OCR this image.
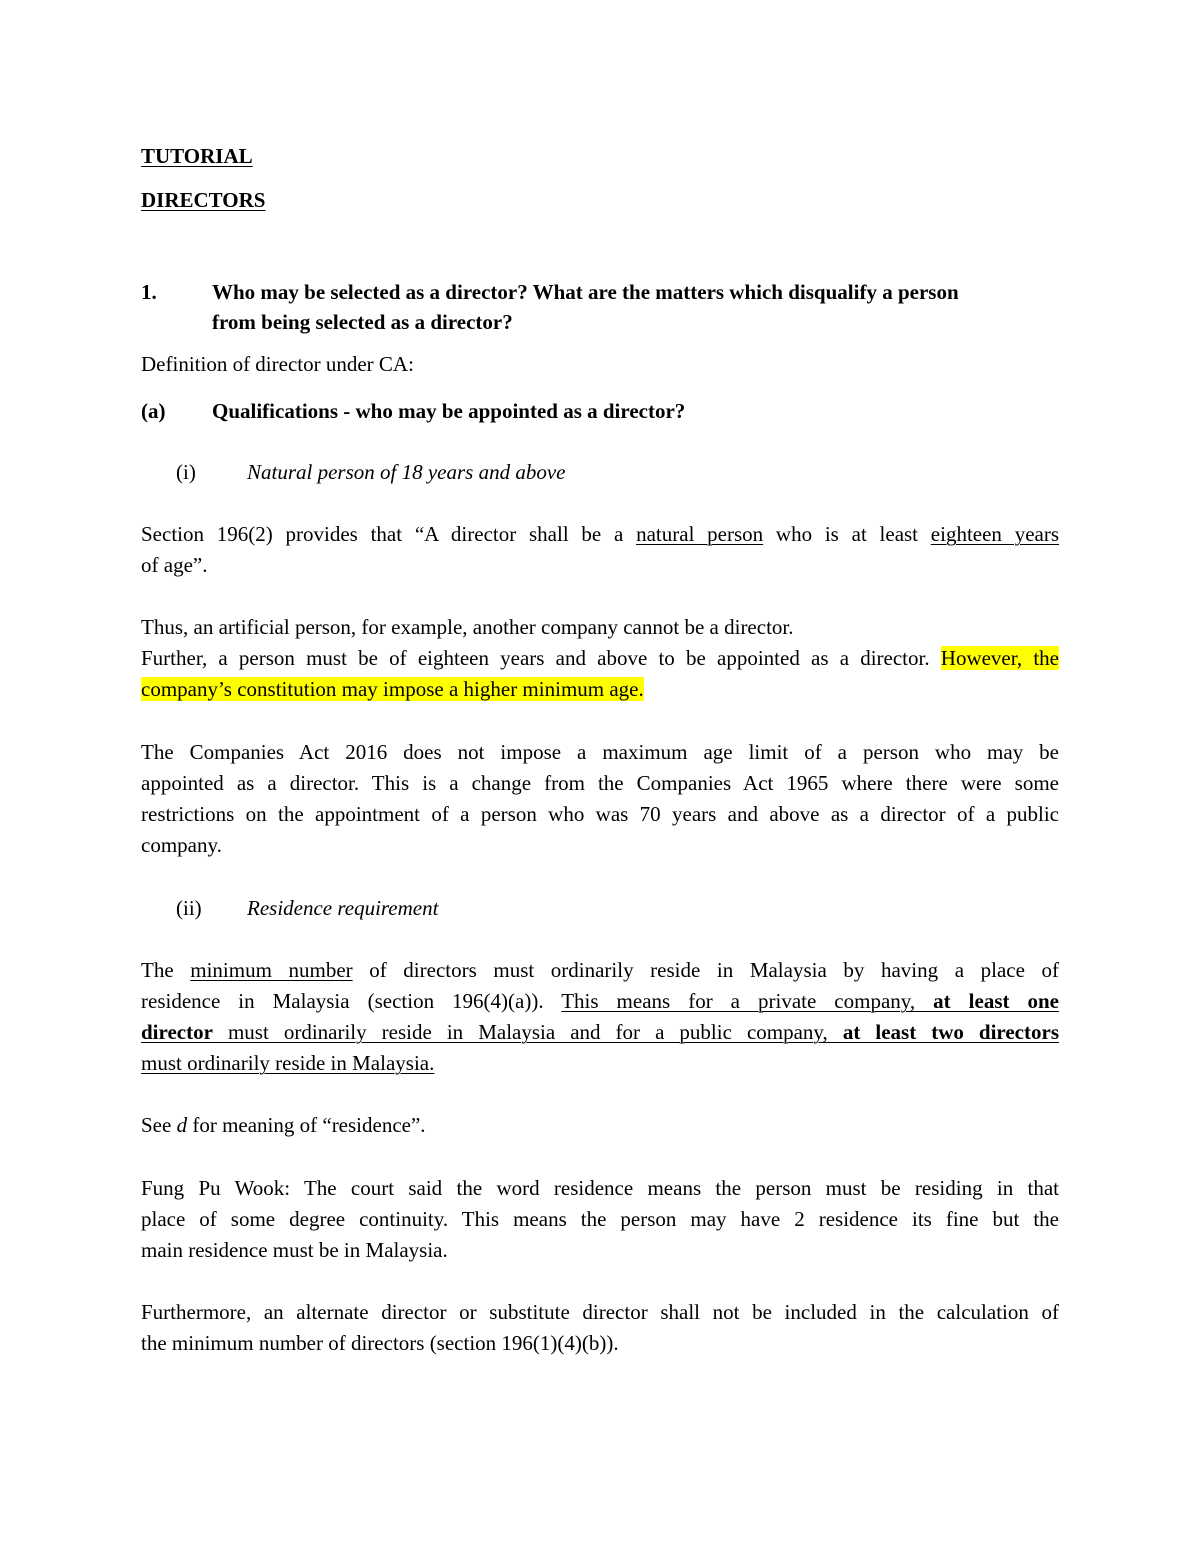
TUTORIAL
DIRECTORS
1.	Who may be selected as a director? What are the matters which disqualify a person
from being selected as a director?
Definition of director under CA:
(a) Qualifications - who may be appointed as a director?
(i) Natural person of 18 years and above
Section 196(2) provides that “A director shall be a natural person who is at least eighteen years
of age”.
Thus, an artificial person, for example, another company cannot be a director.
Further, a person must be of eighteen years and above to be appointed as a director. However, the
company’s constitution may impose a higher minimum age.
The Companies Act 2016 does not impose a maximum age limit of a person who may be
appointed as a director. This is a change from the Companies Act 1965 where there were some
restrictions on the appointment of a person who was 70 years and above as a director of a public
company.
(ii) Residence requirement
The minimum number of directors must ordinarily reside in Malaysia by having a place of
residence in Malaysia (section 196(4)(a)). This means for a private company, at least one
director must ordinarily reside in Malaysia and for a public company, at least two directors
must ordinarily reside in Malaysia.
See d for meaning of “residence”.
Fung Pu Wook: The court said the word residence means the person must be residing in that
place of some degree continuity. This means the person may have 2 residence its fine but the
main residence must be in Malaysia.
Furthermore, an alternate director or substitute director shall not be included in the calculation of
the minimum number of directors (section 196(1)(4)(b)).
